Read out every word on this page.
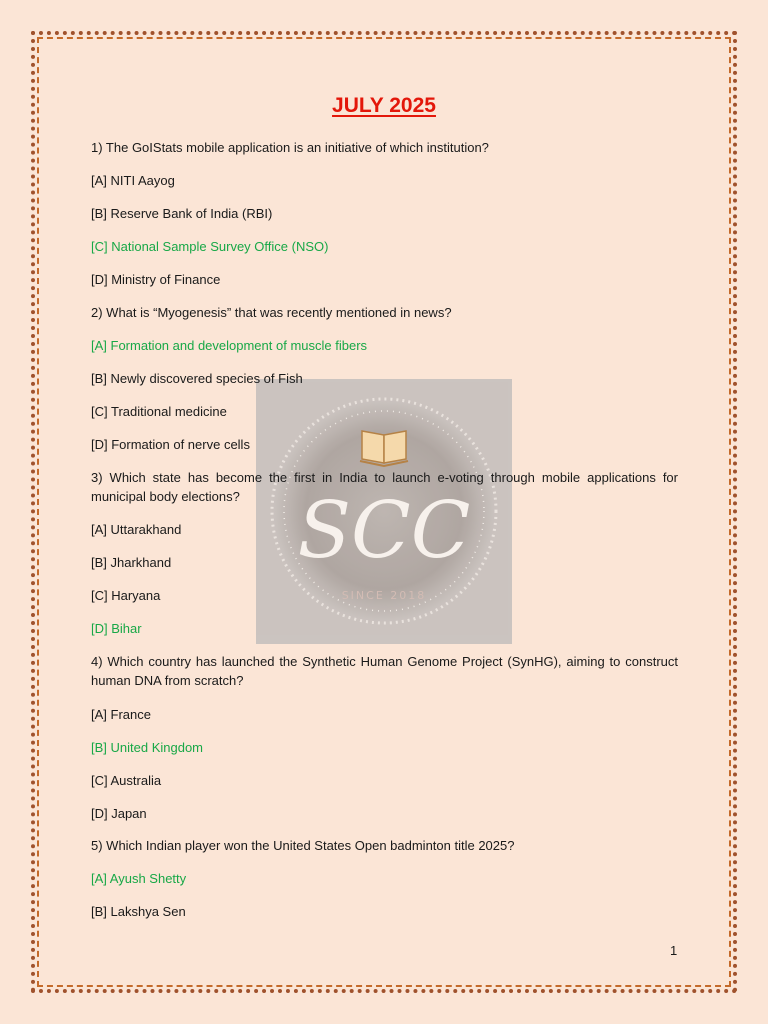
SCC
SINCE 2018
JULY 2025
1) The GoIStats mobile application is an initiative of which institution?
[A] NITI Aayog
[B] Reserve Bank of India (RBI)
[C] National Sample Survey Office (NSO)
[D] Ministry of Finance
2) What is “Myogenesis” that was recently mentioned in news?
[A] Formation and development of muscle fibers
[B] Newly discovered species of Fish
[C] Traditional medicine
[D] Formation of nerve cells
3) Which state has become the first in India to launch e-voting through mobile applications for municipal body elections?
[A] Uttarakhand
[B] Jharkhand
[C] Haryana
[D] Bihar
4) Which country has launched the Synthetic Human Genome Project (SynHG), aiming to construct human DNA from scratch?
[A] France
[B] United Kingdom
[C] Australia
[D] Japan
5) Which Indian player won the United States Open badminton title 2025?
[A] Ayush Shetty
[B] Lakshya Sen
1
